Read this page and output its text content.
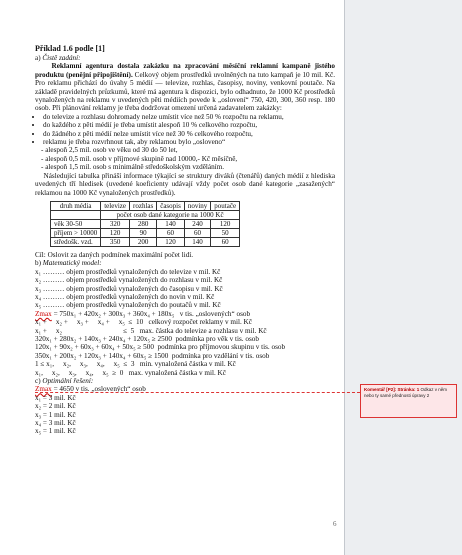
Příklad 1.6 podle [1]

a) Čistě zadání:

Reklamní agentura dostala zakázku na zpracování měsíční reklamní kampaně jistého produktu (penějní připojištění). Celkový objem prostředků uvolněných na tuto kampaň je 10 mil. Kč. Pro reklamu přichází do úvahy 5 médií — televize, rozhlas, časopisy, noviny, venkovní poutače. Na základě pravidelných průzkumů, které má agentura k dispozici, bylo odhadnuto, že 1000 Kč prostředků vynaložených na reklamu v uvedených pěti médiích povede k „oslovení“ 750, 420, 300, 360 resp. 180 osob. Při plánování reklamy je třeba dodržovat omezení určená zadavatelem zakázky:

• do televize a rozhlasu dohromady nelze umístit více než 50 % rozpočtu na reklamu,
• do každého z pěti médií je třeba umístit alespoň 10 % celkového rozpočtu,
• do žádného z pěti médií nelze umístit více než 30 % celkového rozpočtu,
• reklamu je třeba rozvrhnout tak, aby reklamou bylo „osloveno“

- alespoň 2,5 mil. osob ve věku od 30 do 50 let,

- alespoň 0,5 mil. osob v příjmové skupině nad 10000,- Kč měsíčně,

- alespoň 1,5 mil. osob s minimálně středoškolským vzděláním.

Následující tabulka přináší informace týkající se struktury diváků (čtenářů) daných médií z hlediska uvedených tří hledisek (uvedené koeficienty udávají vždy počet osob dané kategorie „zasažených“ reklamou na 1000 Kč vynaložených prostředků).

druh média	televize	rozhlas	časopis	noviny	poutače
	počet osob dané kategorie na 1000 Kč				
věk 30-50	320	280	140	240	120
příjem > 10000	120	90	60	60	50
středošk. vzd.	350	200	120	140	60

Cíl: Oslovit za daných podmínek maximální počet lidí.

b) Matematický model:

x₁ ……… objem prostředků vynaložených do televize v mil. Kč

x₂ ……… objem prostředků vynaložených do rozhlasu v mil. Kč

x₃ ……… objem prostředků vynaložených do časopisu v mil. Kč

x₄ ……… objem prostředků vynaložených do novin v mil. Kč

x₅ ……… objem prostředků vynaložených do poutačů v mil. Kč

Zmax = 750x₁ + 420x₂ + 300x₃ + 360x₄ + 180x₅   v tis. „oslovených“ osob

x₁ +     x₂ +     x₃ +     x₄ +     x₅  ≤  10   celkový rozpočet reklamy v mil. Kč

x₁ +     x₂                                  ≤  5   max. částka do televize a rozhlasu v mil. Kč

320x₁ + 280x₂ + 140x₃ + 240x₄ + 120x₅ ≥ 2500  podmínka pro věk v tis. osob

120x₁ + 90x₂ + 60x₃ + 60x₄ + 50x₅ ≥ 500  podmínka pro příjmovou skupinu v tis. osob

350x₁ + 200x₂ + 120x₃ + 140x₄ + 60x₅ ≥ 1500  podmínka pro vzdělání v tis. osob

1 ≤ x₁,     x₂,     x₃,     x₄,     x₅  ≤  3   min. vynaložená částka v mil. Kč

x₁,     x₂,     x₃,     x₄,     x₅  ≥  0   max. vynaložená částka v mil. Kč

c) Optimální řešení:

Zmax = 4650 v tis. „oslovených“ osob

x₁ = 3 mil. Kč

x₂ = 2 mil. Kč

x₃ = 1 mil. Kč

x₄ = 3 mil. Kč

x₅ = 1 mil. Kč

6
Komentář [P2]: Stránka: 1 Odkaz v něm nebo ty samé přednosti úpravy 2
